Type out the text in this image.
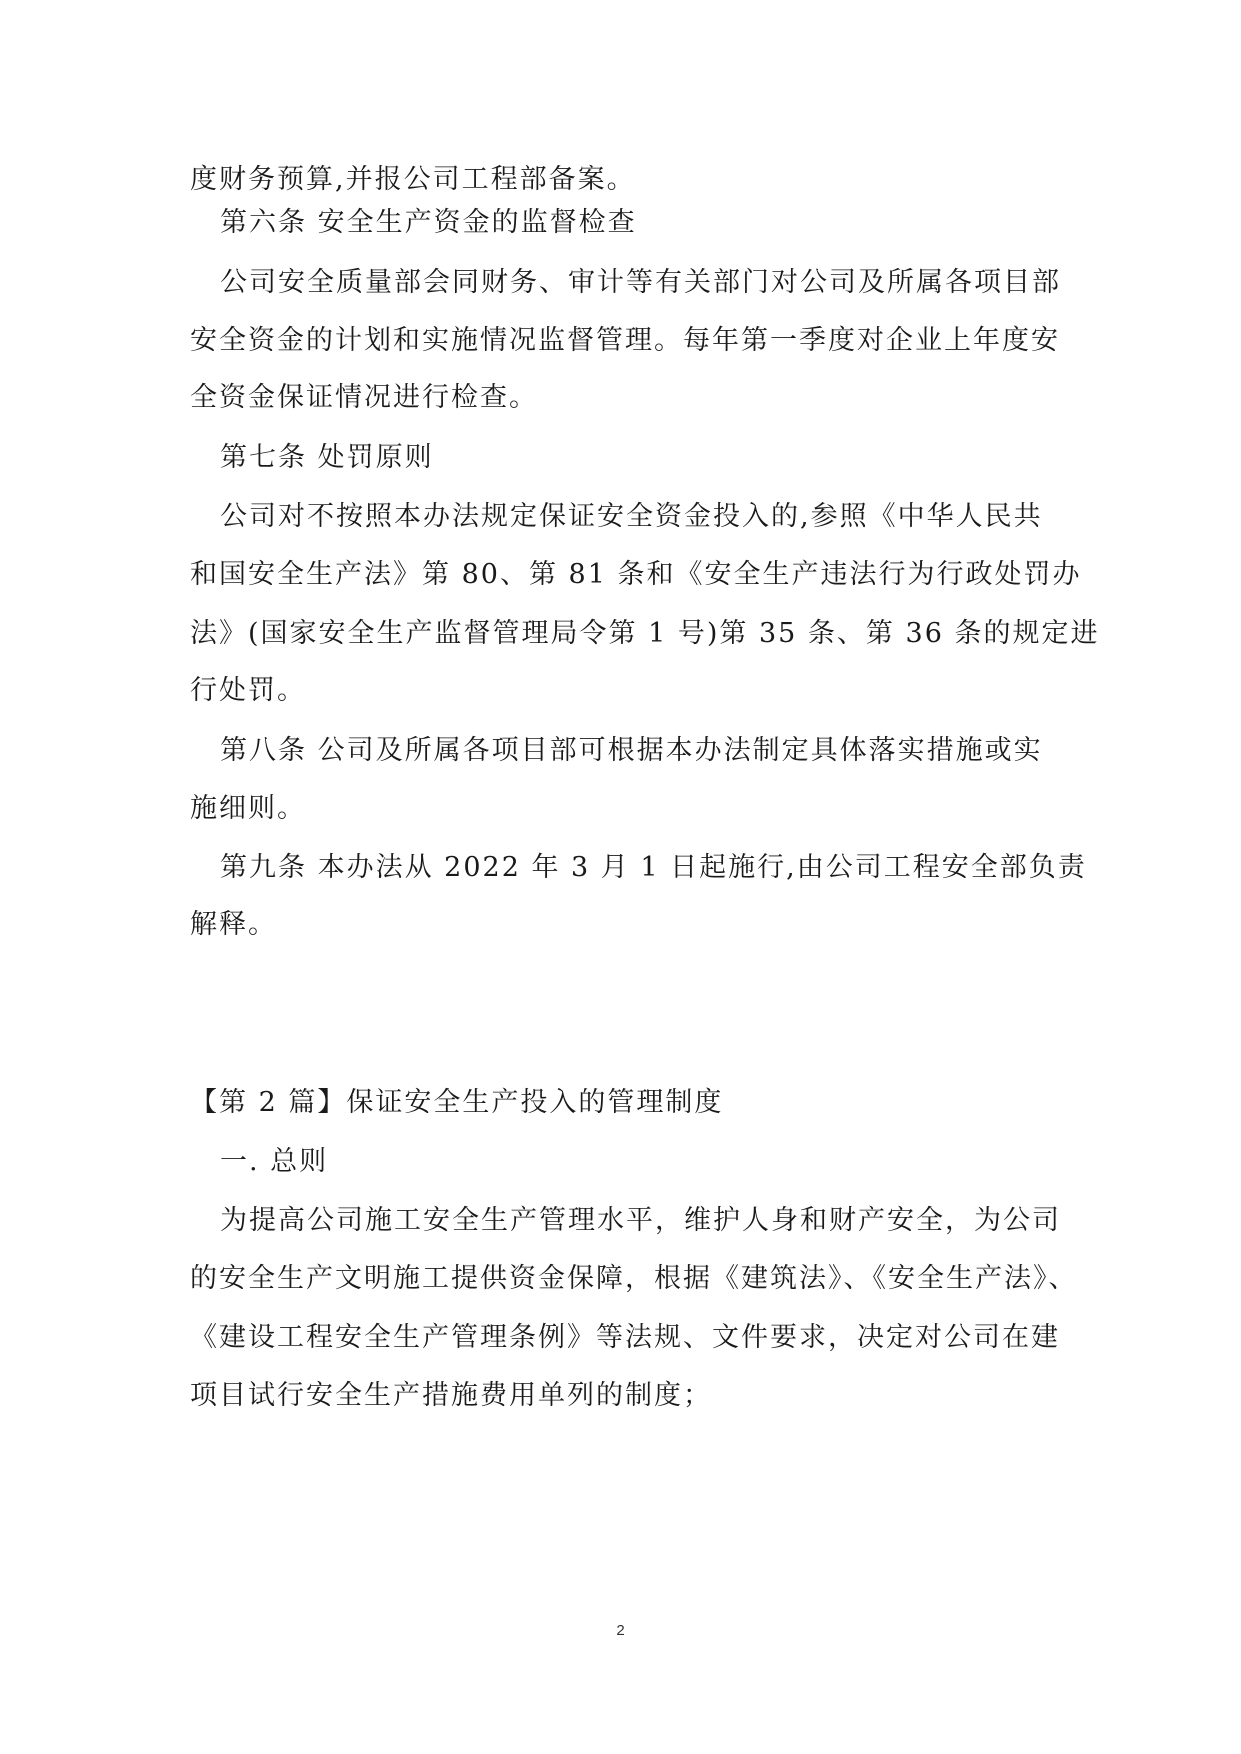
度财务预算,并报公司工程部备案。
第六条 安全生产资金的监督检查
公司安全质量部会同财务、审计等有关部门对公司及所属各项目部
安全资金的计划和实施情况监督管理。每年第一季度对企业上年度安
全资金保证情况进行检查。
第七条 处罚原则
公司对不按照本办法规定保证安全资金投入的,参照《中华人民共
和国安全生产法》第 80、第 81 条和《安全生产违法行为行政处罚办
法》(国家安全生产监督管理局令第 1 号)第 35 条、第 36 条的规定进
行处罚。
第八条 公司及所属各项目部可根据本办法制定具体落实措施或实
施细则。
第九条 本办法从 2022 年 3 月 1 日起施行,由公司工程安全部负责
解释。
【第 2 篇】保证安全生产投入的管理制度
一. 总则
为提高公司施工安全生产管理水平，维护人身和财产安全，为公司
的安全生产文明施工提供资金保障，根据《建筑法》、《安全生产法》、
《建设工程安全生产管理条例》等法规、文件要求，决定对公司在建
项目试行安全生产措施费用单列的制度；
2
